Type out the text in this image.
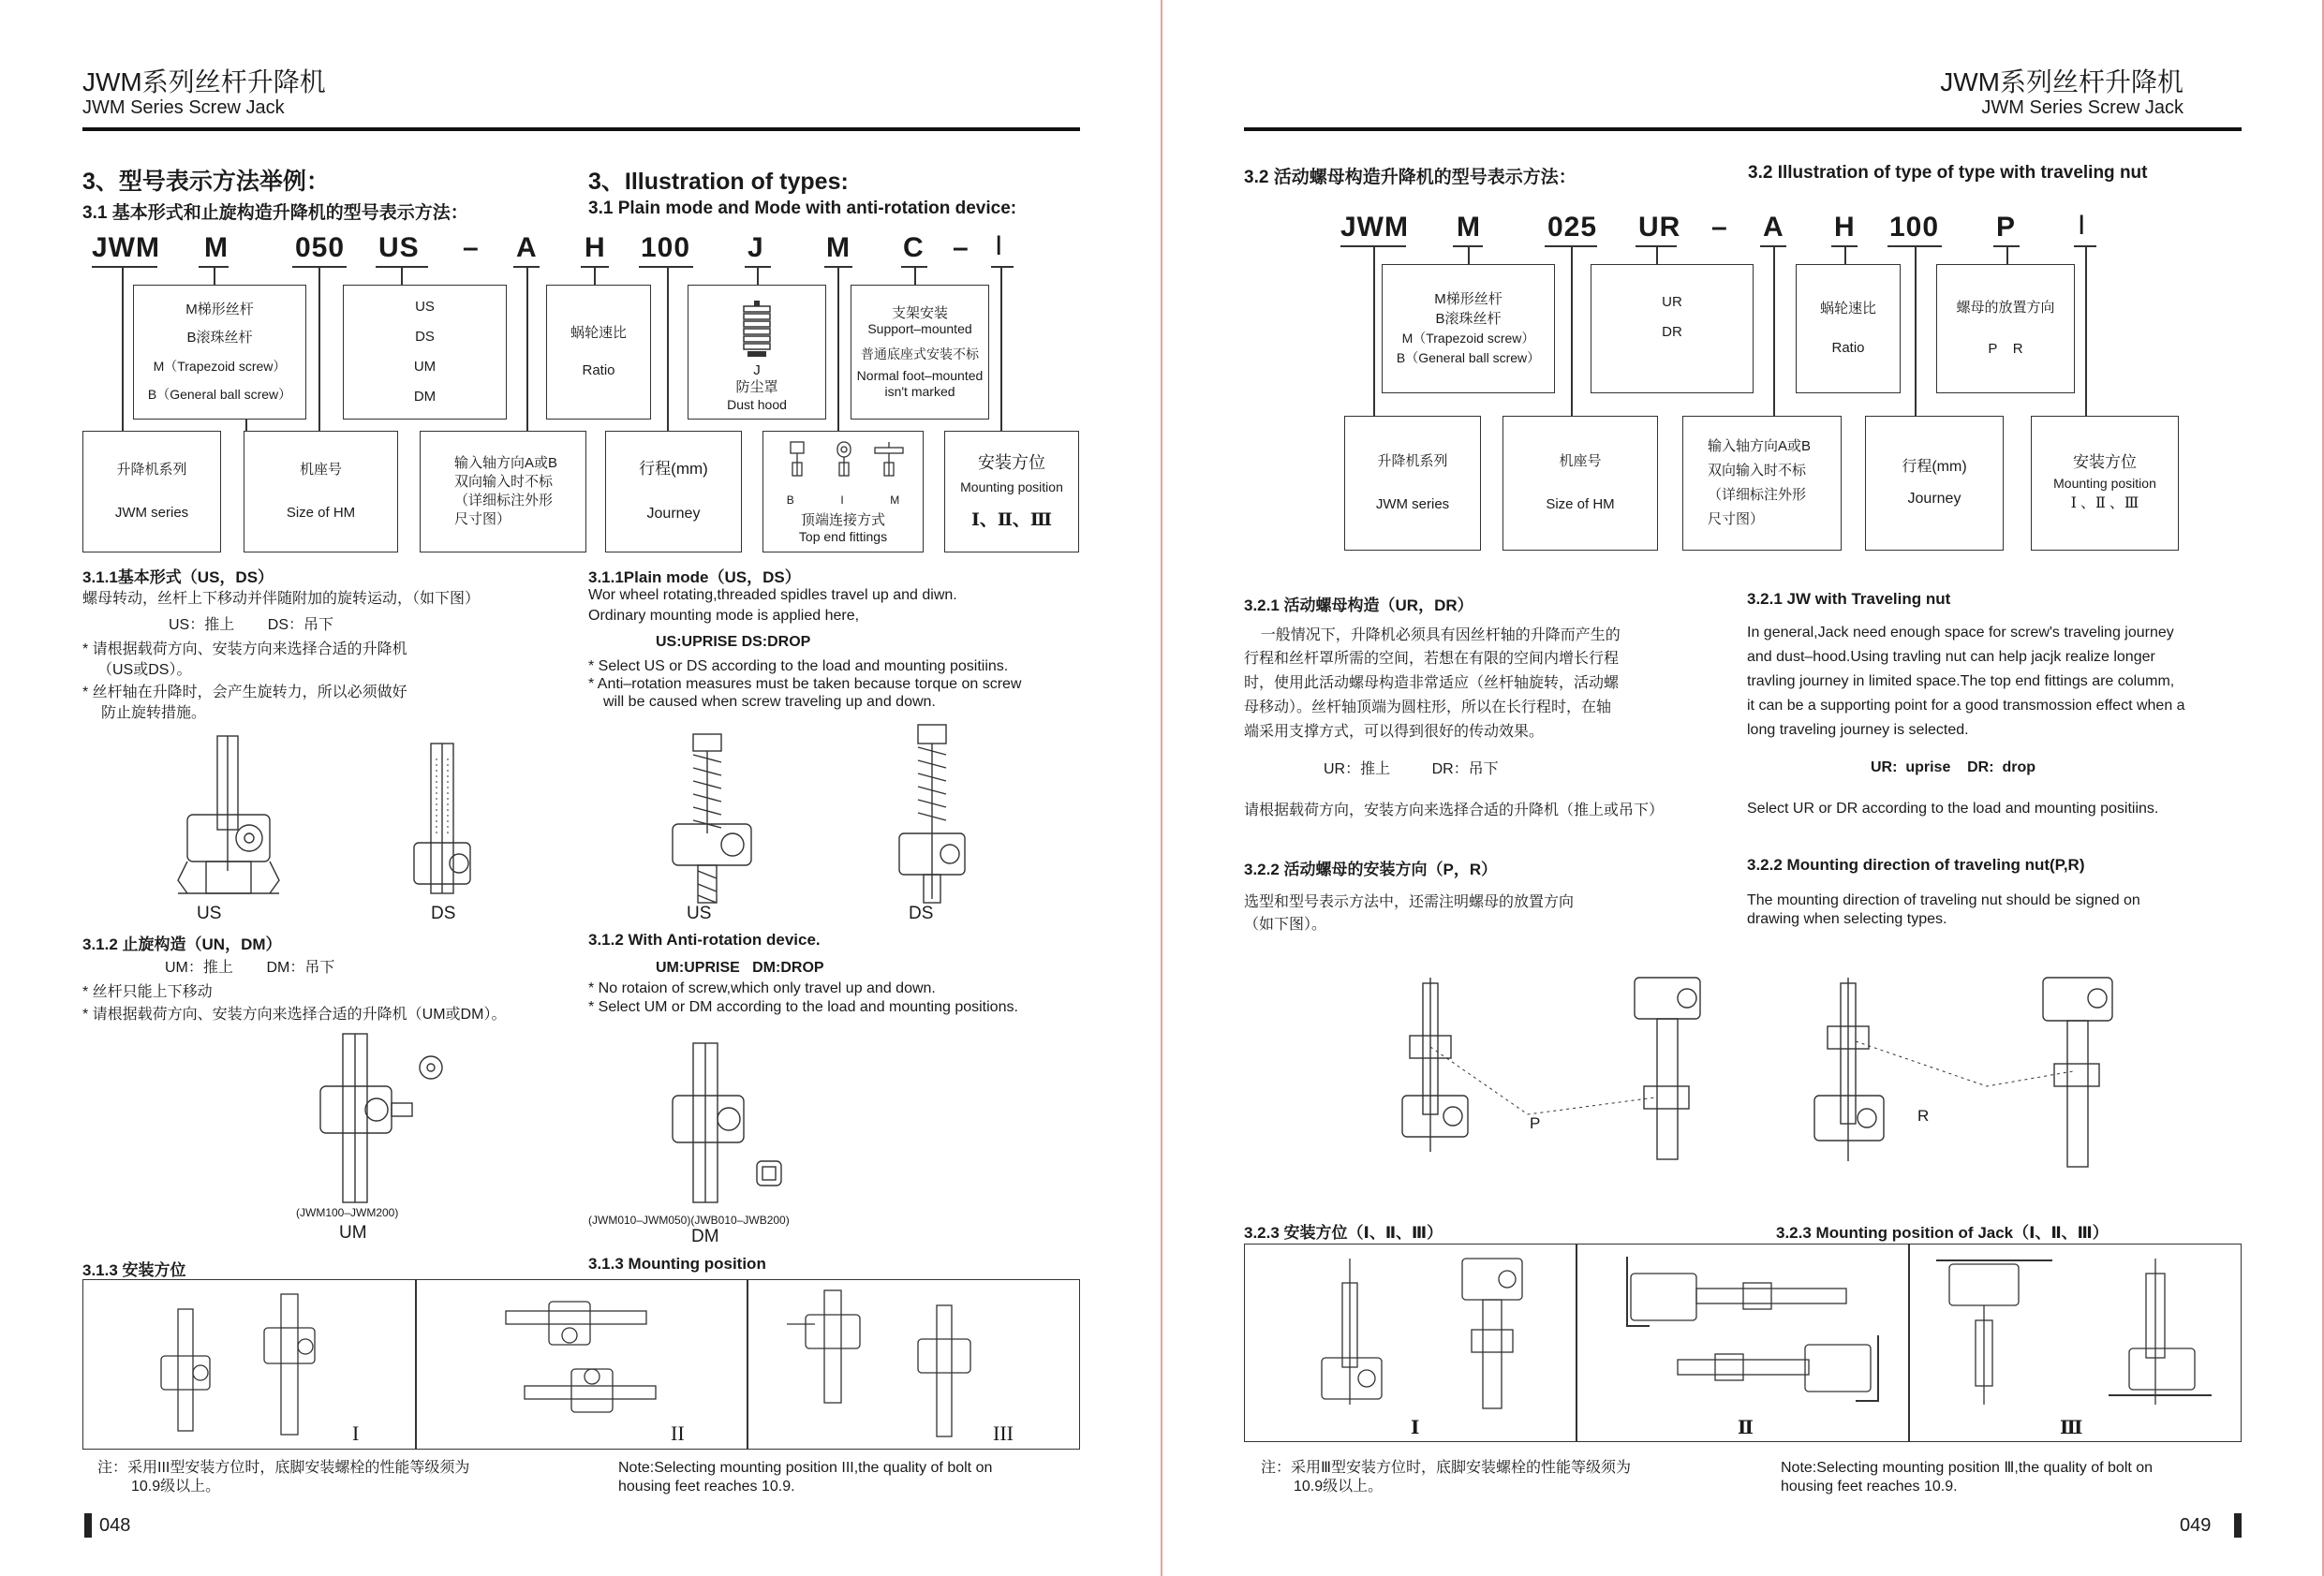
JWM系列丝杆升降机
JWM Series Screw Jack
3、型号表示方法举例：	3、Illustration of types:
3.1 基本形式和止旋构造升降机的型号表示方法：	3.1 Plain mode and Mode with anti-rotation device:
JWM M 050 US – A H 100 J M C – I
M梯形丝杆
B滚珠丝杆
M（Trapezoid screw）
B（General ball screw）
US
DS
UM
DM
蜗轮速比
Ratio	J
防尘罩
Dust hood
支架安装
Support–mounted
普通底座式安装不标
Normal foot–mounted
isn't marked
升降机系列
JWM series
机座号
Size of HM
输入轴方向A或B
双向输入时不标
（详细标注外形
尺寸图）
行程(mm)
Journey
B	I	M
顶端连接方式
Top end fittings
安装方位
Mounting position
Ⅰ、Ⅱ、Ⅲ
3.1.1基本形式（US，DS）
螺母转动，丝杆上下移动并伴随附加的旋转运动，（如下图）
US：推上        DS：吊下
* 请根据载荷方向、安装方向来选择合适的升降机
（US或DS）。
* 丝杆轴在升降时，会产生旋转力，所以必须做好
防止旋转措施。
3.1.1Plain mode（US，DS）
Wor wheel rotating,threaded spidles travel up and diwn.
Ordinary mounting mode is applied here,
US:UPRISE DS:DROP
* Select US or DS according to the load and mounting positiins.
* Anti–rotation measures must be taken because torque on screw
will be caused when screw traveling up and down.
US	DS	US	DS
3.1.2 止旋构造（UN，DM）
UM：推上        DM：吊下
* 丝杆只能上下移动
* 请根据载荷方向、安装方向来选择合适的升降机（UM或DM）。
3.1.2 With Anti-rotation device.
UM:UPRISE   DM:DROP
* No rotaion of screw,which only travel up and down.
* Select UM or DM according to the load and mounting positions.
(JWM100–JWM200)
UM
(JWM010–JWM050)(JWB010–JWB200)
DM
3.1.3 安装方位	3.1.3 Mounting position
I	II	III
注：采用III型安装方位时，底脚安装螺栓的性能等级须为
10.9级以上。
Note:Selecting mounting position III,the quality of bolt on
housing feet reaches 10.9.
048
JWM系列丝杆升降机
JWM Series Screw Jack
3.2 活动螺母构造升降机的型号表示方法：	3.2 Illustration of type of type with traveling nut
JWM M 025 UR – A H 100 P I
M梯形丝杆
B滚珠丝杆
M（Trapezoid screw）
B（General ball screw）
UR
DR
蜗轮速比
Ratio
螺母的放置方向
P    R
升降机系列
JWM series
机座号
Size of HM
输入轴方向A或B
双向输入时不标
（详细标注外形
尺寸图）
行程(mm)
Journey
安装方位
Mounting position
Ⅰ 、Ⅱ 、Ⅲ
3.2.1 活动螺母构造（UR，DR）
一般情况下，升降机必须具有因丝杆轴的升降而产生的
行程和丝杆罩所需的空间，若想在有限的空间内增长行程
时，使用此活动螺母构造非常适应（丝杆轴旋转，活动螺
母移动）。丝杆轴顶端为圆柱形，所以在长行程时，在轴
端采用支撑方式，可以得到很好的传动效果。
UR：推上          DR：吊下
请根据载荷方向，安装方向来选择合适的升降机（推上或吊下）
3.2.1 JW with Traveling nut
In general,Jack need enough space for screw's traveling journey
and dust–hood.Using travling nut can help jacjk realize longer
travling journey in limited space.The top end fittings are columm,
it can be a supporting point for a good transmossion effect when a
long traveling journey is selected.
UR:  uprise    DR:  drop
Select UR or DR according to the load and mounting positiins.
3.2.2 活动螺母的安装方向（P，R）
选型和型号表示方法中，还需注明螺母的放置方向
（如下图）。
3.2.2 Mounting direction of traveling nut(P,R)
The mounting direction of traveling nut should be signed on
drawing when selecting types.
P	R
3.2.3 安装方位（Ⅰ、Ⅱ、Ⅲ）	3.2.3 Mounting position of Jack（Ⅰ、Ⅱ、Ⅲ）
Ⅰ	Ⅱ	Ⅲ
注：采用Ⅲ型安装方位时，底脚安装螺栓的性能等级须为
10.9级以上。
Note:Selecting mounting position Ⅲ,the quality of bolt on
housing feet reaches 10.9.
049
